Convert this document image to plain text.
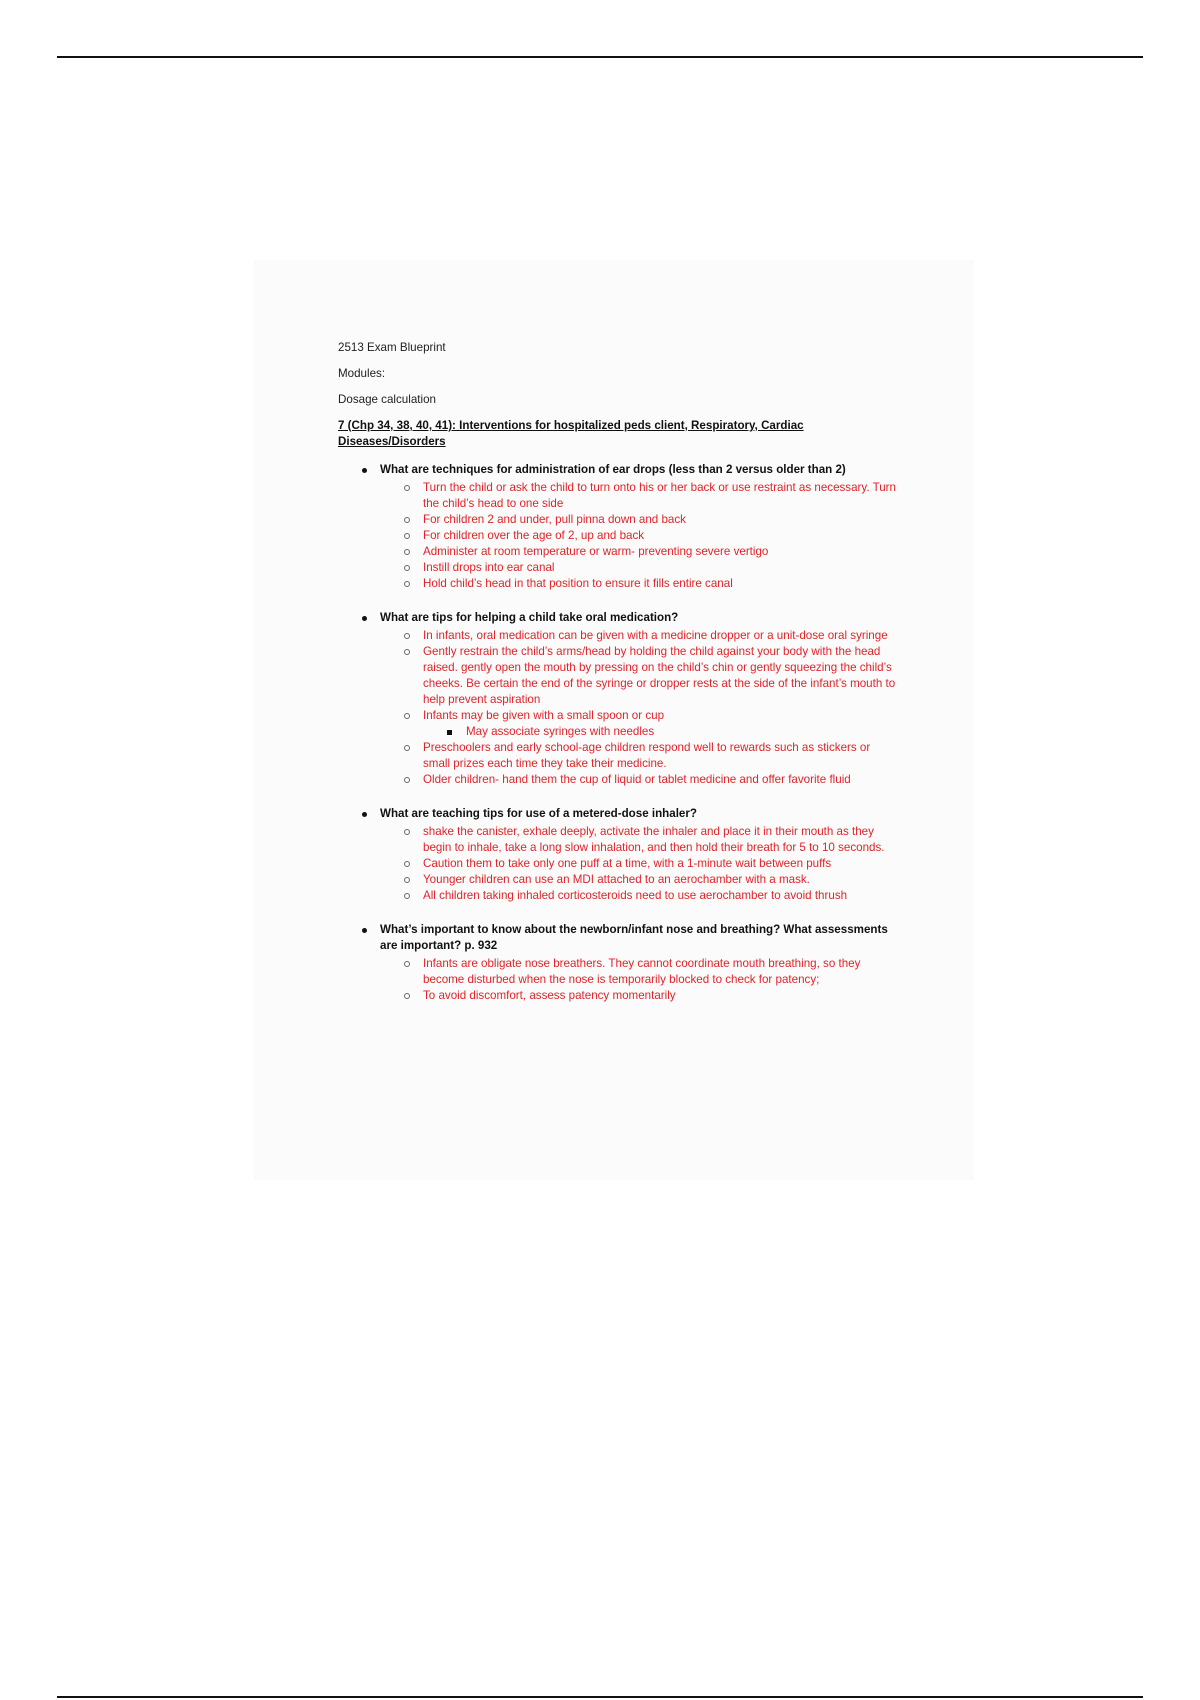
2513 Exam Blueprint

Modules:

Dosage calculation

7 (Chp 34, 38, 40, 41): Interventions for hospitalized peds client, Respiratory, Cardiac Diseases/Disorders

What are techniques for administration of ear drops (less than 2 versus older than 2)
Turn the child or ask the child to turn onto his or her back or use restraint as necessary. Turn the child’s head to one side
For children 2 and under, pull pinna down and back
For children over the age of 2, up and back
Administer at room temperature or warm- preventing severe vertigo
Instill drops into ear canal
Hold child’s head in that position to ensure it fills entire canal
What are tips for helping a child take oral medication?
In infants, oral medication can be given with a medicine dropper or a unit-dose oral syringe
Gently restrain the child’s arms/head by holding the child against your body with the head raised. gently open the mouth by pressing on the child’s chin or gently squeezing the child’s cheeks. Be certain the end of the syringe or dropper rests at the side of the infant’s mouth to help prevent aspiration
Infants may be given with a small spoon or cup
May associate syringes with needles
Preschoolers and early school-age children respond well to rewards such as stickers or small prizes each time they take their medicine.
Older children- hand them the cup of liquid or tablet medicine and offer favorite fluid
What are teaching tips for use of a metered-dose inhaler?
shake the canister, exhale deeply, activate the inhaler and place it in their mouth as they begin to inhale, take a long slow inhalation, and then hold their breath for 5 to 10 seconds.
Caution them to take only one puff at a time, with a 1-minute wait between puffs
Younger children can use an MDI attached to an aerochamber with a mask.
All children taking inhaled corticosteroids need to use aerochamber to avoid thrush
What’s important to know about the newborn/infant nose and breathing? What assessments are important? p. 932
Infants are obligate nose breathers. They cannot coordinate mouth breathing, so they become disturbed when the nose is temporarily blocked to check for patency;
To avoid discomfort, assess patency momentarily
